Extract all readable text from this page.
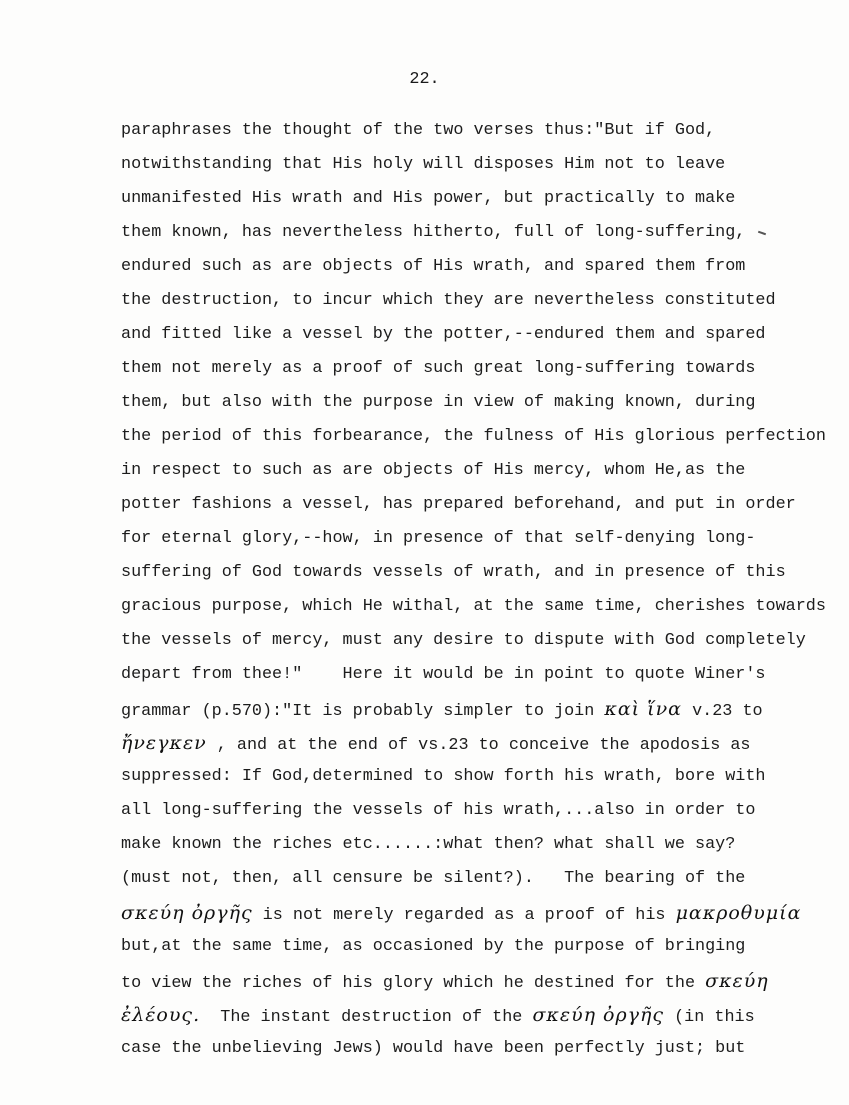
22.
paraphrases the thought of the two verses thus:"But if God,
notwithstanding that His holy will disposes Him not to leave
unmanifested His wrath and His power, but practically to make
them known, has nevertheless hitherto, full of long-suffering,
endured such as are objects of His wrath, and spared them from
the destruction, to incur which they are nevertheless constituted
and fitted like a vessel by the potter,--endured them and spared
them not merely as a proof of such great long-suffering towards
them, but also with the purpose in view of making known, during
the period of this forbearance, the fulness of His glorious perfection
in respect to such as are objects of His mercy, whom He,as the
potter fashions a vessel, has prepared beforehand, and put in order
for eternal glory,--how, in presence of that self-denying long-
suffering of God towards vessels of wrath, and in presence of this
gracious purpose, which He withal, at the same time, cherishes towards
the vessels of mercy, must any desire to dispute with God completely
depart from thee!"    Here it would be in point to quote Winer's
grammar (p.570):"It is probably simpler to join καὶ ἵνα v.23 to
ἤνεγκεν , and at the end of vs.23 to conceive the apodosis as
suppressed: If God,determined to show forth his wrath, bore with
all long-suffering the vessels of his wrath,...also in order to
make known the riches etc......:what then? what shall we say?
(must not, then, all censure be silent?).   The bearing of the
σκεύη ὀργῆς is not merely regarded as a proof of his μακροθυμία
but,at the same time, as occasioned by the purpose of bringing
to view the riches of his glory which he destined for the σκεύη
ἐλέους.  The instant destruction of the σκεύη ὀργῆς (in this
case the unbelieving Jews) would have been perfectly just; but
